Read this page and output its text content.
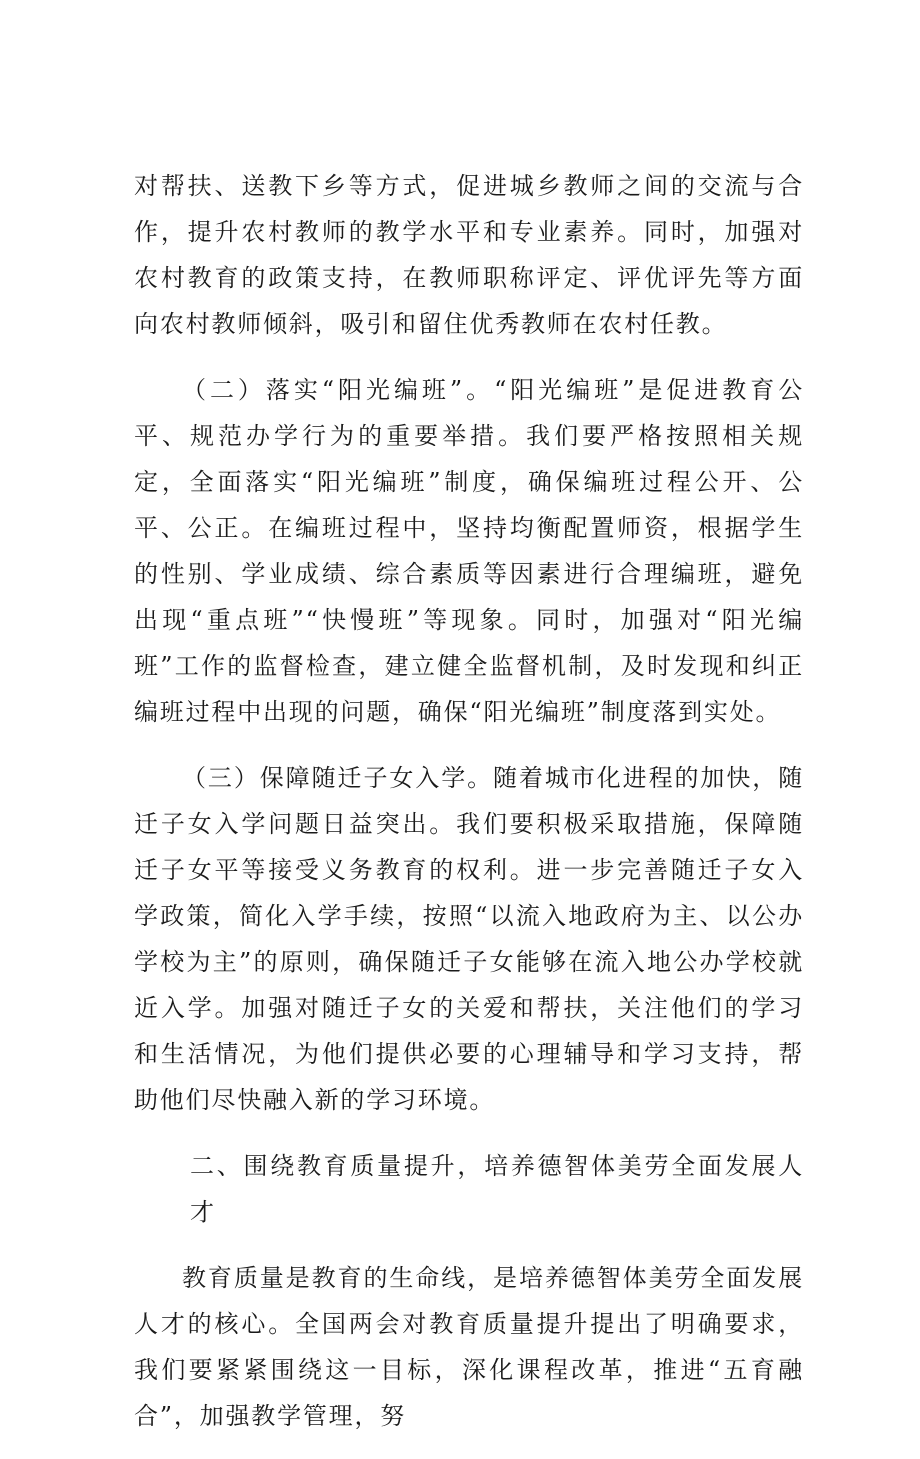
对帮扶、送教下乡等方式，促进城乡教师之间的交流与合作，提升农村教师的教学水平和专业素养。同时，加强对农村教育的政策支持，在教师职称评定、评优评先等方面向农村教师倾斜，吸引和留住优秀教师在农村任教。

（二）落实“阳光编班”。“阳光编班”是促进教育公平、规范办学行为的重要举措。我们要严格按照相关规定，全面落实“阳光编班”制度，确保编班过程公开、公平、公正。在编班过程中，坚持均衡配置师资，根据学生的性别、学业成绩、综合素质等因素进行合理编班，避免出现“重点班”“快慢班”等现象。同时，加强对“阳光编班”工作的监督检查，建立健全监督机制，及时发现和纠正编班过程中出现的问题，确保“阳光编班”制度落到实处。

（三）保障随迁子女入学。随着城市化进程的加快，随迁子女入学问题日益突出。我们要积极采取措施，保障随迁子女平等接受义务教育的权利。进一步完善随迁子女入学政策，简化入学手续，按照“以流入地政府为主、以公办学校为主”的原则，确保随迁子女能够在流入地公办学校就近入学。加强对随迁子女的关爱和帮扶，关注他们的学习和生活情况，为他们提供必要的心理辅导和学习支持，帮助他们尽快融入新的学习环境。

二、围绕教育质量提升，培养德智体美劳全面发展人才

教育质量是教育的生命线，是培养德智体美劳全面发展人才的核心。全国两会对教育质量提升提出了明确要求，我们要紧紧围绕这一目标，深化课程改革，推进“五育融合”，加强教学管理，努
